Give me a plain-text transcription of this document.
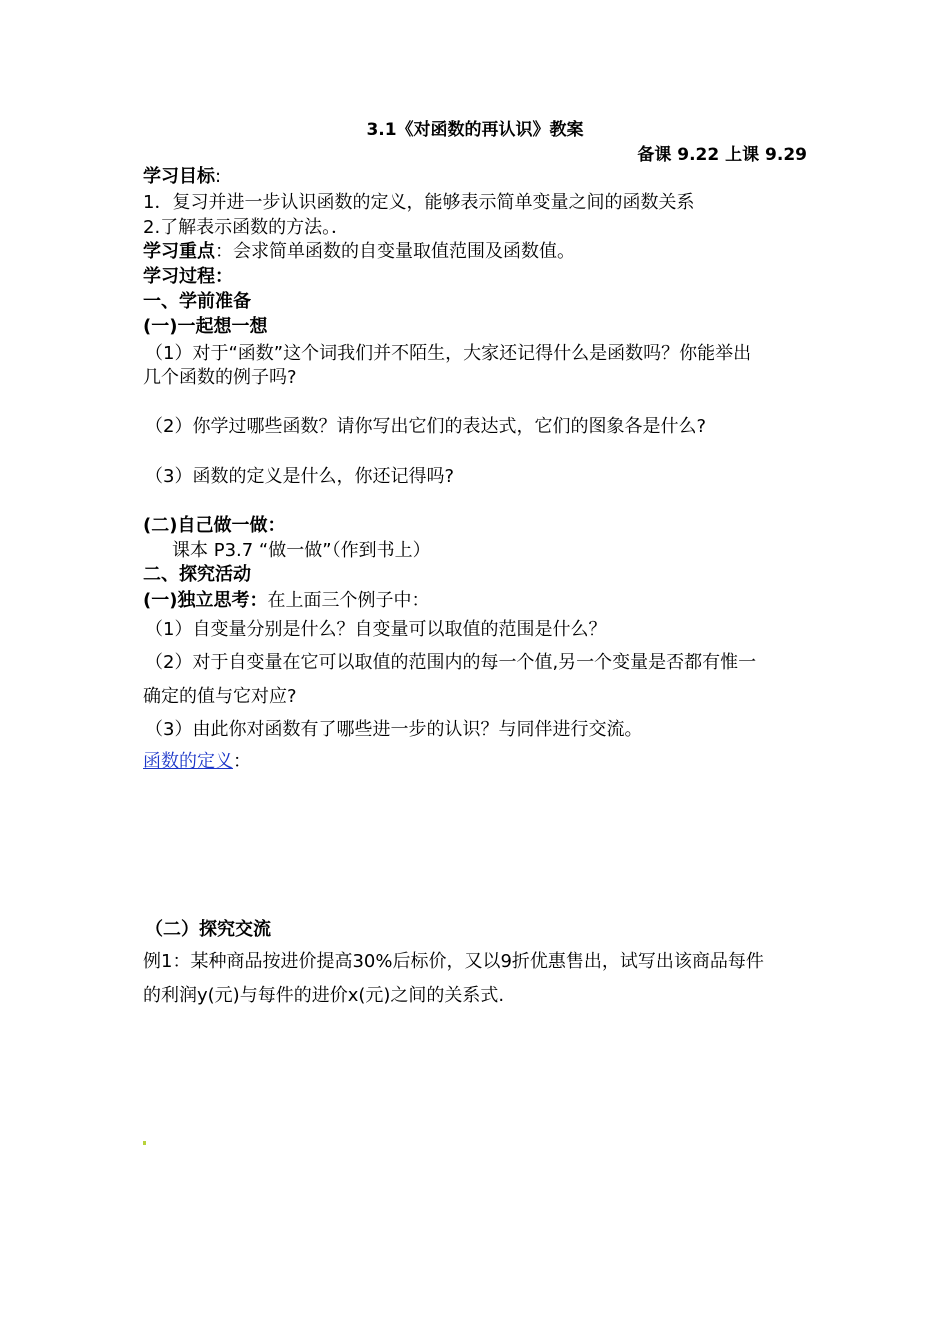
3.1《对函数的再认识》教案
备课 9.22 上课 9.29
学习目标:
1．复习并进一步认识函数的定义，能够表示简单变量之间的函数关系
2.了解表示函数的方法。．
学习重点：会求简单函数的自变量取值范围及函数值。
学习过程：
一、学前准备
(一)一起想一想
（1）对于“函数”这个词我们并不陌生，大家还记得什么是函数吗？你能举出
几个函数的例子吗?
（2）你学过哪些函数？请你写出它们的表达式，它们的图象各是什么?
（3）函数的定义是什么，你还记得吗?
(二)自己做一做：
课本 P3.7 “做一做”（作到书上）
二、探究活动
(一)独立思考：在上面三个例子中：
（1）自变量分别是什么？自变量可以取值的范围是什么？
（2）对于自变量在它可以取值的范围内的每一个值,另一个变量是否都有惟一
确定的值与它对应?
（3）由此你对函数有了哪些进一步的认识？与同伴进行交流。
函数的定义：
（二）探究交流
例1：某种商品按进价提高30%后标价，又以9折优惠售出，试写出该商品每件
的利润y(元)与每件的进价x(元)之间的关系式.
